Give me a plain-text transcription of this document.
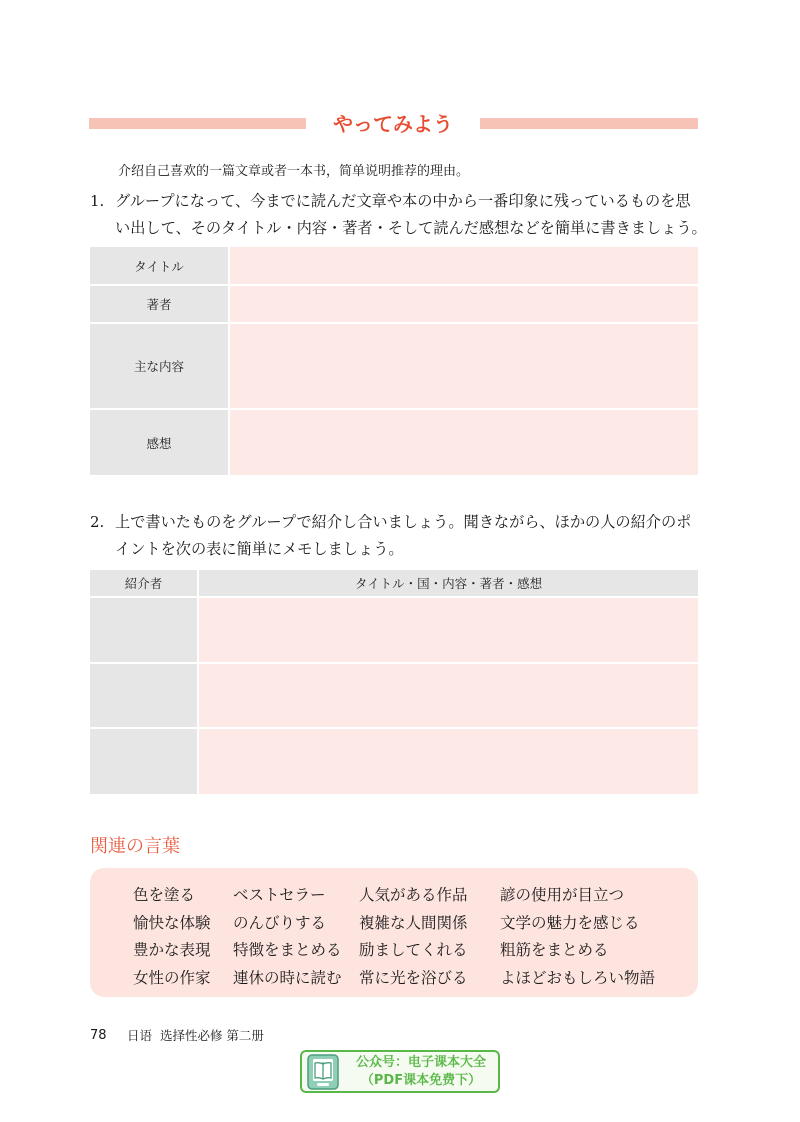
やってみよう
介绍自己喜欢的一篇文章或者一本书，简单说明推荐的理由。
1. グループになって、今までに読んだ文章や本の中から一番印象に残っているものを思
い出して、そのタイトル・内容・著者・そして読んだ感想などを簡単に書きましょう。
タイトル
著者
主な内容
感想
2. 上で書いたものをグループで紹介し合いましょう。聞きながら、ほかの人の紹介のポ
イントを次の表に簡単にメモしましょう。
紹介者	タイトル・国・内容・著者・感想
関連の言葉
色を塗る
愉快な体験
豊かな表現
女性の作家
ベストセラー
のんびりする
特徴をまとめる
連休の時に読む
人気がある作品
複雑な人間関係
励ましてくれる
常に光を浴びる
諺の使用が目立つ
文学の魅力を感じる
粗筋をまとめる
よほどおもしろい物語
78 日语  选择性必修 第二册
公众号：电子课本大全
（PDF课本免费下）
